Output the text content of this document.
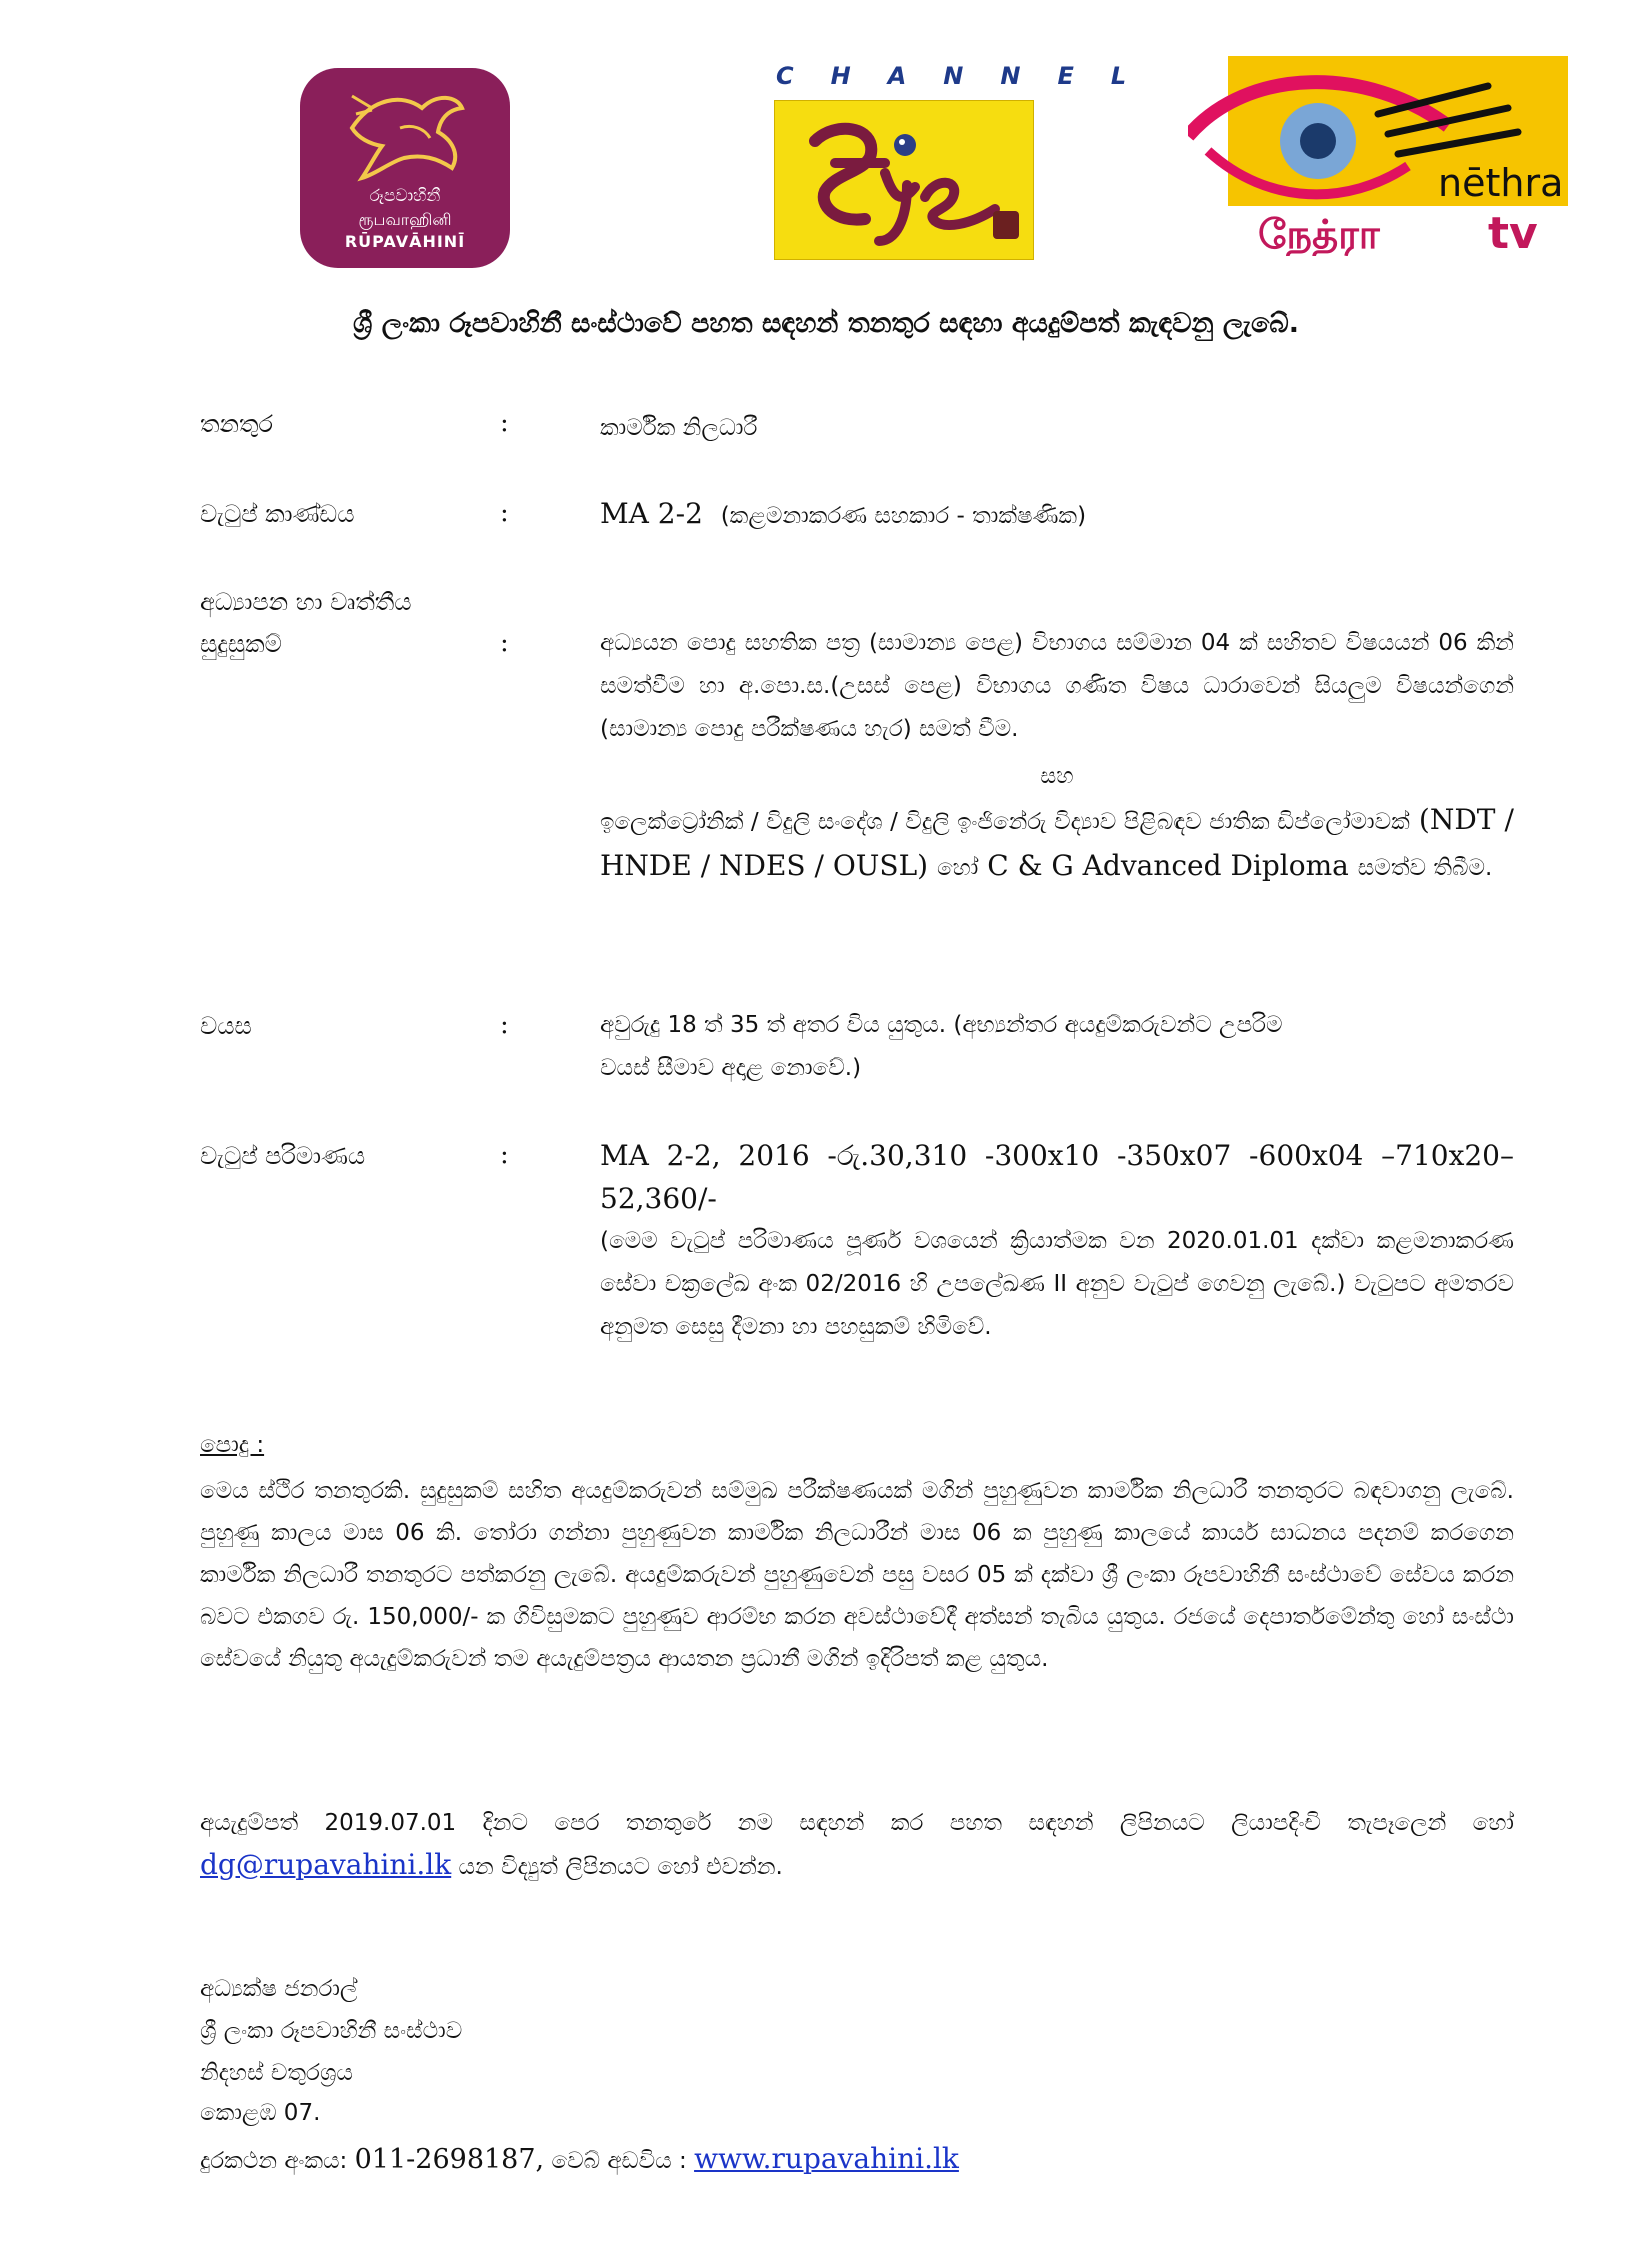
රූපවාහිනී
ரூபவாஹினி
RŪPAVĀHINĪ
CHANNEL
nēthra
நேத்ரா tv
ශ්‍රී ලංකා රූපවාහිනී සංස්ථාවේ පහත සඳහන් තනතුර සඳහා අයදුම්පත් කැඳවනු ලැබේ.
තනතුර	:	කාර්මික නිලධාරී
වැටුප් කාණ්ඩය	:	MA 2-2 (කළමනාකරණ සහකාර - තාක්ෂණික)
අධ්‍යාපන හා වෘත්තීය
සුදුසුකම්	:	අධ්‍යයන පොදු සහතික පත්‍ර (සාමාන්‍ය පෙළ) විභාගය සම්මාන 04 ක් සහිතව විෂයයන් 06 කින් සමත්වීම හා අ.පො.ස.(උසස් පෙළ) විභාගය ගණිත විෂය ධාරාවෙන් සියලුම විෂයන්ගෙන් (සාමාන්‍ය පොදු පරීක්ෂණය හැර) සමත් වීම.
සහ
ඉලෙක්ට්‍රෝනික් / විදුලි සංදේශ / විදුලි ඉංජිනේරු විද්‍යාව පිළිබඳව ජාතික ඩිප්ලෝමාවක් (NDT / HNDE / NDES / OUSL) හෝ C & G Advanced Diploma සමත්ව තිබීම.
වයස	:	අවුරුදු 18 ත් 35 ත් අතර විය යුතුය. (අභ්‍යන්තර අයදුම්කරුවන්ට උපරිම
වයස් සීමාව අදාළ නොවේ.)
වැටුප් පරිමාණය	:	MA 2-2, 2016 -රු.30,310 -300x10 -350x07 -600x04 –710x20–
52,360/-
(මෙම වැටුප් පරිමාණය පූර්ණ වශයෙන් ක්‍රියාත්මක වන 2020.01.01 දක්වා කළමනාකරණ සේවා චක්‍රලේඛ අංක 02/2016 හි උපලේඛණ II අනුව වැටුප් ගෙවනු ලැබේ.) වැටුපට අමතරව අනුමත සෙසු දීමනා හා පහසුකම් හිමිවේ.
පොදු :
මෙය ස්ථිර තනතුරකි. සුදුසුකම් සහිත අයදුම්කරුවන් සම්මුඛ පරීක්ෂණයක් මගින් පුහුණුවන කාර්මික නිලධාරී තනතුරට බඳවාගනු ලැබේ. පුහුණු කාලය මාස 06 කි. තෝරා ගන්නා පුහුණුවන කාර්මික නිලධාරීන් මාස 06 ක පුහුණු කාලයේ කාර්ය සාධනය පදනම් කරගෙන කාර්මික නිලධාරී තනතුරට පත්කරනු ලැබේ. අයදුම්කරුවන් පුහුණුවෙන් පසු වසර 05 ක් දක්වා ශ්‍රී ලංකා රූපවාහිනී සංස්ථාවේ සේවය කරන බවට එකගව රු. 150,000/- ක ගිවිසුමකට පුහුණුව ආරම්භ කරන අවස්ථාවේදී අත්සන් තැබිය යුතුය. රජයේ දෙපාර්තමේන්තු හෝ සංස්ථා සේවයේ නියුතු අයැදුම්කරුවන් තම අයැදුම්පත්‍රය ආයතන ප්‍රධානී මගින් ඉදිරිපත් කළ යුතුය.
අයැදුම්පත් 2019.07.01 දිනට පෙර තනතුරේ නම සඳහන් කර පහත සඳහන් ලිපිනයට ලියාපදිංචි තැපෑලෙන් හෝ dg@rupavahini.lk යන විද්‍යුත් ලිපිනයට හෝ එවන්න.
අධ්‍යක්ෂ ජනරාල්
ශ්‍රී ලංකා රූපවාහිනී සංස්ථාව
නිදහස් චතුරශ්‍රය
කොළඹ 07.
දුරකථන අංකය: 011-2698187, වෙබ් අඩවිය : www.rupavahini.lk
